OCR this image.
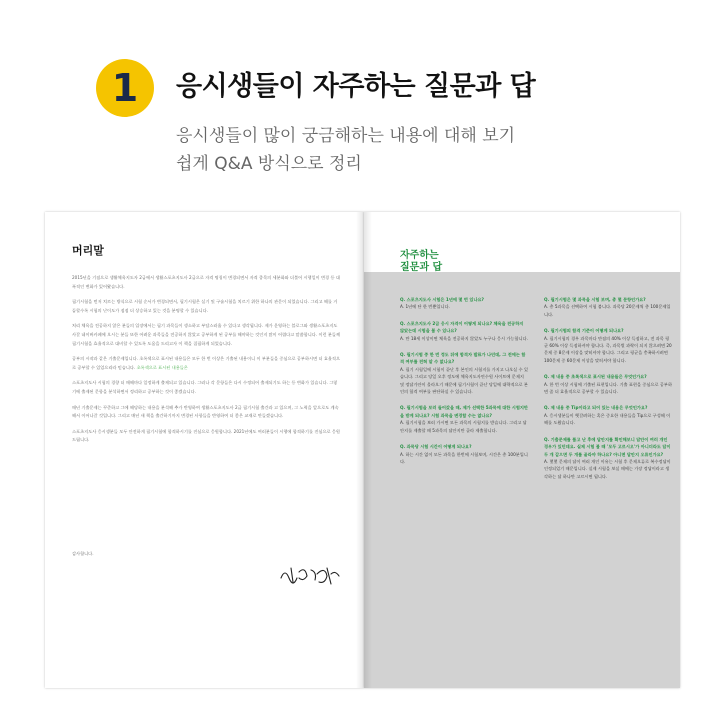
1 응시생들이 자주하는 질문과 답
응시생들이 많이 궁금해하는 내용에 대해 보기
쉽게 Q&A 방식으로 정리
머리말

2015년을 기점으로 생활체육지도자 2급에서 생활스포츠지도사 2급으로 자격 명칭이 변경되면서 자격 종목의 세분화와 더불어 시행일이 변경 등 대폭적인 변화가 있어왔습니다.

필기시험을 먼저 치르는 방식으로 시험 순서가 변경되면서, 필기시험은 실기 및 구술시험을 치르기 위한 하나의 관문이 되었습니다. 그리고 해를 거듭할수록 시험의 난이도가 점점 더 상승하고 있는 것을 분명할 수 있습니다.

처리 체육을 전공하지 않은 분들의 입장에서는 필기 과목들이 생소하고 부담스러울 수 있다고 생각됩니다. 제가 운영하는 블로그와 생활스포츠지도사갈 네이버카페에 오시는 분들 또한 어려운 과목들을 전공하지 않았고 공부하게 된 공부를 해야하는 것인지 많이 어렵다고 말씀합니다. 이런 분들께 필기시험을 효율적으로 대비할 수 있도록 도움을 드리고자 이 책을 집필하게 되었습니다.

공부의 시작과 같은 기출문제입니다. 초록색으로 표시된 내용들은 모두 한 번 이상은 기출된 내용이니 이 부분들을 중심으로 공부하시면 더 효율적으로 공부할 수 있었으리라 믿습니다. 초록색으로 표시된 내용들은

스포츠지도사 시험의 경향 더 매해마다 일정하게 출제되고 있습니다. 그러나 각 문항들은 다시 수정되어 출제되기도 하는 등 변화가 있습니다. 그렇기에 출제된 문항을 분석하면서 정리하고 공부하는 것이 좋겠습니다.

매년 기출문제는 꾸준하고 그에 해당하는 내용을 분석해 추가 반영하여 생활스포츠지도사 2급 필기시험 출간과 고 있으며, 그 노력을 앞으로도 계속해서 이어나갈 것입니다. 그리고 매년 새 책을 출간하기까지 변경된 사항들을 반영하여 더 좋은 교재로 만들겠습니다.

스포츠지도사 응시생분들 모두 안전하게 필기시험에 합격하시기를 진심으로 응원합니다. 2021년에도 여러분들이 시행에 합격하기를 진심으로 응원드립니다.

감사합니다.
자주하는
질문과 답
Q. 스포츠지도사 시험은 1년에 몇 번 있나요?
A. 1년에 단 한 번뿐입니다.
Q. 스포츠지도사 2급 응시 자격이 어떻게 되나요? 체육을 전공하지 않았는데 시험을 볼 수 있나요?
A. 만 18세 이상이면 체육을 전공하지 않았도 누구나 응시 가능합니다.
Q. 필기시험 중 한 번 정도 뒤에 합격자 발표가 나던데, 그 전에는 합격 여부를 전혀 알 수 없나요?
A. 필기 시험일에 시험이 끝난 후 본인의 시험지를 가지고 나오실 수 있습니다. 그리고 당일 오후 정도에 체육지도자연수원 사이트에 문제지 및 정답가안이 올라오기 때문에 필기시험이 끝난 당일에 대략적으로 본인의 합격 여부를 판단하실 수 있습니다.
Q. 필기시험을 보러 들어갔을 때, 제가 선택한 5과목에 대한 시험지만을 받게 되나요? 시험 과목을 변경할 수는 없나요?
A. 필기시험을 보러 가시면 모든 과목의 시험지를 받습니다. 그리고 답안지를 제출할 때 5과목의 답안지만 골라 제출합니다.
Q. 과목당 시험 시간이 어떻게 되나요?
A. 하는 시간 없이 모든 과목을 한번에 시험보며, 시간은 총 100분입니다.
Q. 필기시험은 몇 과목을 시험 보며, 총 몇 문항인가요?
A. 총 5과목을 선택하여 시험 봅니다. 과목당 20문제씩 총 100문제입니다.
Q. 필기시험의 합격 기준이 어떻게 되나요?
A. 필기시험의 경우 과목마다 만점의 40% 이상 득점하고, 전 과목 평균 60% 이상 득점하셔야 합니다. 즉, 과목별 과락이 되지 않으려면 20문제 중 8문제 이상을 맞히셔야 합니다. 그리고 평균을 충족하시려면 100문제 중 60문제 이상을 맞히셔야 합니다.
Q. 제 내용 중 초록색으로 표시된 내용들은 무엇인가요?
A. 한 번 이상 시험에 기출된 표현입니다. 기출 표현을 중심으로 공부하면 좀 더 효율적으로 공부할 수 있습니다.
Q. 제 내용 중 Tip이라고 되어 있는 내용은 무엇인가요?
A. 응시생분들이 헷갈려하는 혹은 중요한 내용들을 Tip으로 구성해 이해를 도왔습니다.
Q. 기출문제를 풀고 난 후에 답안지를 확인해보니 답안이 여러 개인 경우가 있던데요. 실제 시험 볼 때 '모두 고르시오'가 아니더라도 답이 두 개 같으면 두 개를 골라야 하나요? 아니면 답안지 오류인가요?
A. 몇몇 문제의 답이 여러 개인 이유는 시험 후 문제오류로 복수정답이 인정되었기 때문입니다. 실제 시험을 보실 때에는 가장 정답이라고 생각하는 답 하나만 고르시면 됩니다.
